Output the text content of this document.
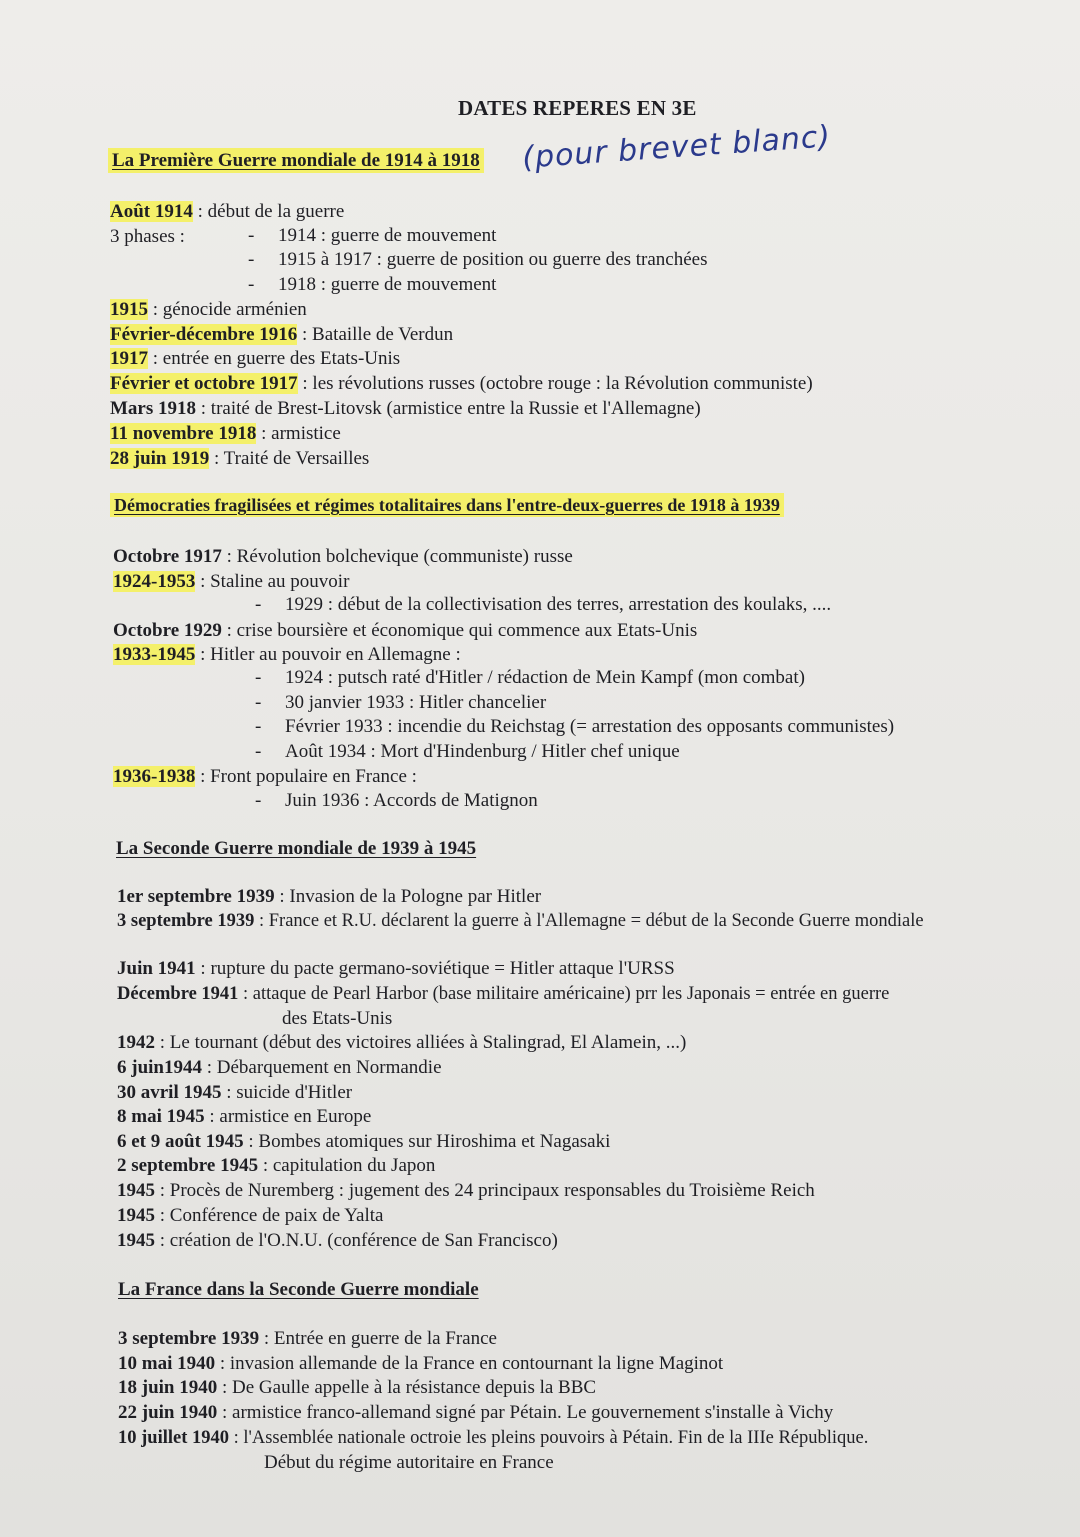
DATES REPERES EN 3E
La Première Guerre mondiale de 1914 à 1918 (pour brevet blanc)
Août 1914 : début de la guerre
3 phases :	- 1914 : guerre de mouvement
- 1915 à 1917 : guerre de position ou guerre des tranchées
- 1918 : guerre de mouvement
1915 : génocide arménien
Février-décembre 1916 : Bataille de Verdun
1917 : entrée en guerre des Etats-Unis
Février et octobre 1917 : les révolutions russes (octobre rouge : la Révolution communiste)
Mars 1918 : traité de Brest-Litovsk (armistice entre la Russie et l'Allemagne)
11 novembre 1918 : armistice
28 juin 1919 : Traité de Versailles
Démocraties fragilisées et régimes totalitaires dans l'entre-deux-guerres de 1918 à 1939
Octobre 1917 : Révolution bolchevique (communiste) russe
1924-1953 : Staline au pouvoir
- 1929 : début de la collectivisation des terres, arrestation des koulaks, ....
Octobre 1929 : crise boursière et économique qui commence aux Etats-Unis
1933-1945 : Hitler au pouvoir en Allemagne :
- 1924 : putsch raté d'Hitler / rédaction de Mein Kampf (mon combat)
- 30 janvier 1933 : Hitler chancelier
- Février 1933 : incendie du Reichstag (= arrestation des opposants communistes)
- Août 1934 : Mort d'Hindenburg / Hitler chef unique
1936-1938 : Front populaire en France :
- Juin 1936 : Accords de Matignon
La Seconde Guerre mondiale de 1939 à 1945
1er septembre 1939 : Invasion de la Pologne par Hitler
3 septembre 1939 : France et R.U. déclarent la guerre à l'Allemagne = début de la Seconde Guerre mondiale
Juin 1941 : rupture du pacte germano-soviétique = Hitler attaque l'URSS
Décembre 1941 : attaque de Pearl Harbor (base militaire américaine) prr les Japonais = entrée en guerre
des Etats-Unis
1942 : Le tournant (début des victoires alliées à Stalingrad, El Alamein, ...)
6 juin1944 : Débarquement en Normandie
30 avril 1945 : suicide d'Hitler
8 mai 1945 : armistice en Europe
6 et 9 août 1945 : Bombes atomiques sur Hiroshima et Nagasaki
2 septembre 1945 : capitulation du Japon
1945 : Procès de Nuremberg : jugement des 24 principaux responsables du Troisième Reich
1945 : Conférence de paix de Yalta
1945 : création de l'O.N.U. (conférence de San Francisco)
La France dans la Seconde Guerre mondiale
3 septembre 1939 : Entrée en guerre de la France
10 mai 1940 : invasion allemande de la France en contournant la ligne Maginot
18 juin 1940 : De Gaulle appelle à la résistance depuis la BBC
22 juin 1940 : armistice franco-allemand signé par Pétain. Le gouvernement s'installe à Vichy
10 juillet 1940 : l'Assemblée nationale octroie les pleins pouvoirs à Pétain. Fin de la IIIe République.
Début du régime autoritaire en France
